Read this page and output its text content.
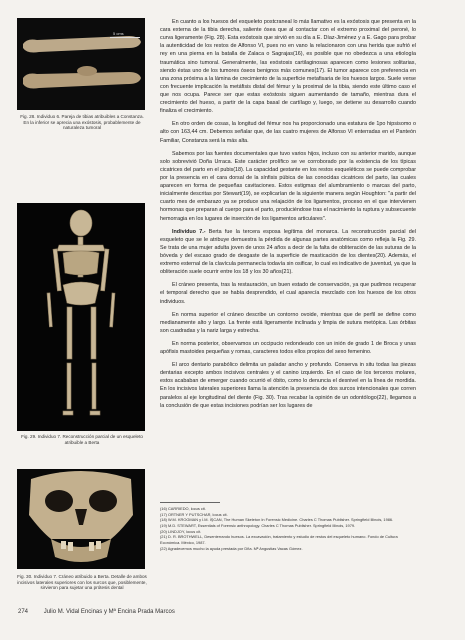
5 cms
Fig. 28. Individuo 6. Pareja de tibias atribuibles a Constanza. En la inferior se aprecia una exóstosis, probablemente de naturaleza tumoral
Fig. 29. Individuo 7. Reconstrucción parcial de un esqueleto atribuible a Berta
Fig. 30. Individuo 7. Cráneo atribuido a Berta. Detalle de ambos incisivos laterales superiores con los surcos que, posiblemente, sirvieron para sujetar una prótesis dental

En cuanto a los huesos del esqueleto postcraneal lo más llamativo es la exóstosis que presenta en la cara externa de la tibia derecha, saliente ósea que al contactar con el extremo proximal del peroné, lo curva ligeramente (Fig. 28). Esta exóstosis que sirvió en su día a E. Díaz-Jiménez y a E. Gago para probar la autenticidad de los restos de Alfonso VI, pues no en vano la relacionaron con una herida que sufrió el rey en una pierna en la batalla de Zalaca o Sagrajas(16), es posible que no obedezca a una etiología traumática sino tumoral. Generalmente, las exóstosis cartilaginosas aparecen como lesiones solitarias, siendo éstas uno de los tumores óseos benignos más comunes(17). El tumor aparece con preferencia en una zona próxima a la lámina de crecimiento de la superficie metafisaria de los huesos largos. Suele verse con frecuente implicación la metáfisis distal del fémur y la proximal de la tibia, siendo este último caso el que nos ocupa. Parece ser que estas exóstosis siguen aumentando de tamaño, mientras dura el crecimiento del hueso, a partir de la capa basal de cartílago y, luego, se detiene su desarrollo cuando finaliza el crecimiento.

En otro orden de cosas, la longitud del fémur nos ha proporcionado una estatura de 1po hipsisomo o alto con 163,44 cm. Debemos señalar que, de las cuatro mujeres de Alfonso VI enterradas en el Panteón Familiar, Constanza será la más alta.

Sabemos por las fuentes documentales que tuvo varios hijos, incluso con su anterior marido, aunque solo sobrevivió Doña Urraca. Este carácter prolífico se ve corroborado por la existencia de los típicas cicatrices del parto en el pubis(18). La capacidad gestante en los restos esqueléticos se puede comprobar por la presencia en el cara dorsal de la sínfisis púbica de las conocidas cicatrices del parto, las cuales aparecen en forma de pequeñas cavitaciones. Estos estigmas del alumbramiento o marcas del parto, inicialmente descritas por Stewart(19), se explicarían de la siguiente manera según Houghton: "a partir del cuarto mes de embarazo ya se produce una relajación de los ligamentos, proceso en el que intervienen hormonas que preparan al cuerpo para el parto, produciéndose tras el nacimiento la ruptura y subsecuente hemorragia en los lugares de inserción de los ligamentos articulares".

Individuo 7.- Berta fue la tercera esposa legítima del monarca. La reconstrucción parcial del esqueleto que se le atribuye demuestra la pérdida de algunas partes anatómicas como refleja la Fig. 29. Se trata de una mujer adulta joven de unos 24 años a decir de la falta de obliteración de las suturas de la bóveda y del escaso grado de desgaste de la superficie de masticación de los dientes(20). Además, el extremo esternal de la clavícula permanecía todavía sin osificar, lo cual es indicativo de juventud, ya que la obliteración suele ocurrir entre los 18 y los 30 años(21).

El cráneo presenta, tras la restauración, un buen estado de conservación, ya que pudimos recuperar el temporal derecho que se había desprendido, el cual aparecía mezclado con los huesos de los otros individuos.

En norma superior el cráneo describe un contorno ovoide, mientras que de perfil se define como medianamente alto y largo. La frente está ligeramente inclinada y limpia de sutura metópica. Las órbitas son cuadradas y la nariz larga y estrecha.

En norma posterior, observamos un occipucio redondeado con un inión de grado 1 de Broca y unas apófisis mastoides pequeñas y romas, caracteres todos ellos propios del sexo femenino.

El arco dentario parabólico delimita un paladar ancho y profundo. Conserva in situ todas las piezas dentarias excepto ambos incisivos centrales y el canino izquierdo. En el caso de los terceros molares, estos acababan de emerger cuando ocurrió el óbito, como lo denuncia el desnivel en la línea de mordida. En los incisivos laterales superiores llama la atención la presencia de dos surcos intencionales que corren paralelos al eje longitudinal del diente (Fig. 30). Tras recabar la opinión de un odontólogo(22), llegamos a la conclusión de que estas incisiones podrían ser los lugares de

(16) CARRIEDO, locus cit.
(17) ORTNER Y PUTSCHAR, locus cit.
(18) W.M. KROGMAN y İ.M. İŞCAN, The Human Skeleton In Forensic Medicine. Charles C Thomas Publisher. Springfield Illinois, 1986.
(19) M.D. STEWART, Essentials of Forensic anthropology. Charles C Thomas Publisher. Springfield Illinois, 1979.
(20) LINDJOY, locus cit.
(21) D. R. BROTHWELL, Desenterrando huesos. La excavación, tratamiento y estudio de restos del esqueleto humano. Fondo de Cultura Económica. México, 1987.
(22) Agradecemos mucho la ayuda prestada por Dña. Mª Angustias Vacas Gómez.
274	Julio M. Vidal Encinas y Mª Encina Prada Marcos
